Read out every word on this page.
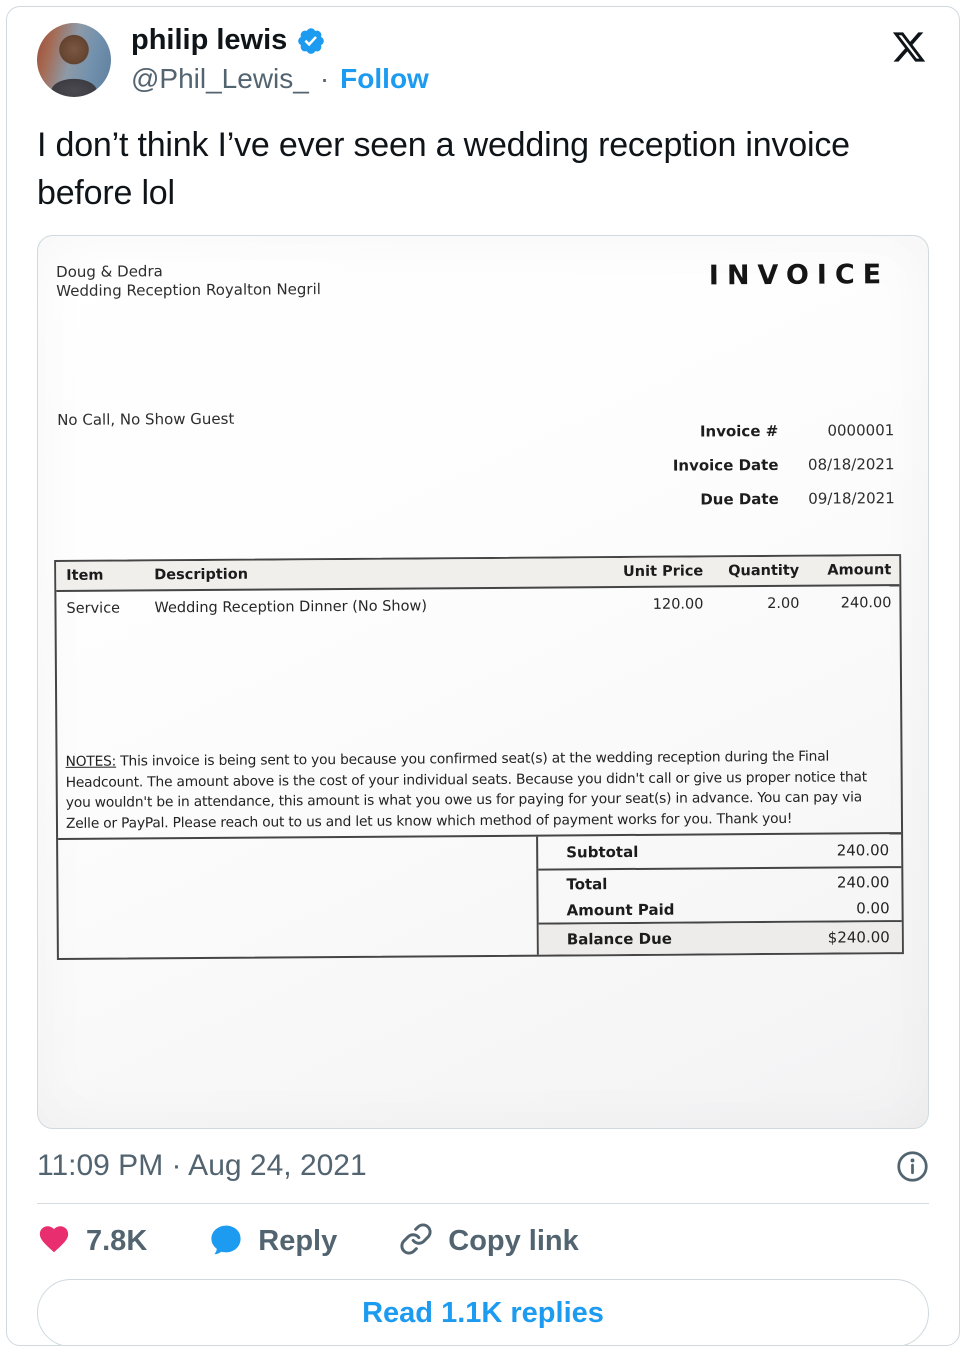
philip lewis
@Phil_Lewis_ · Follow

I don’t think I’ve ever seen a wedding reception invoice before lol

Doug & Dedra
Wedding Reception Royalton Negril	INVOICE
No Call, No Show Guest
Invoice #	0000001
Invoice Date	08/18/2021
Due Date	09/18/2021
Item	Description	Unit Price	Quantity	Amount
Service	Wedding Reception Dinner (No Show)	120.00	2.00	240.00
NOTES: This invoice is being sent to you because you confirmed seat(s) at the wedding reception during the Final Headcount. The amount above is the cost of your individual seats. Because you didn't call or give us proper notice that you wouldn't be in attendance, this amount is what you owe us for paying for your seat(s) in advance. You can pay via Zelle or PayPal. Please reach out to us and let us know which method of payment works for you. Thank you!
Subtotal	240.00
Total	240.00
Amount Paid	0.00
Balance Due	$240.00
11:09 PM · Aug 24, 2021
7.8K	Reply	Copy link
Read 1.1K replies
